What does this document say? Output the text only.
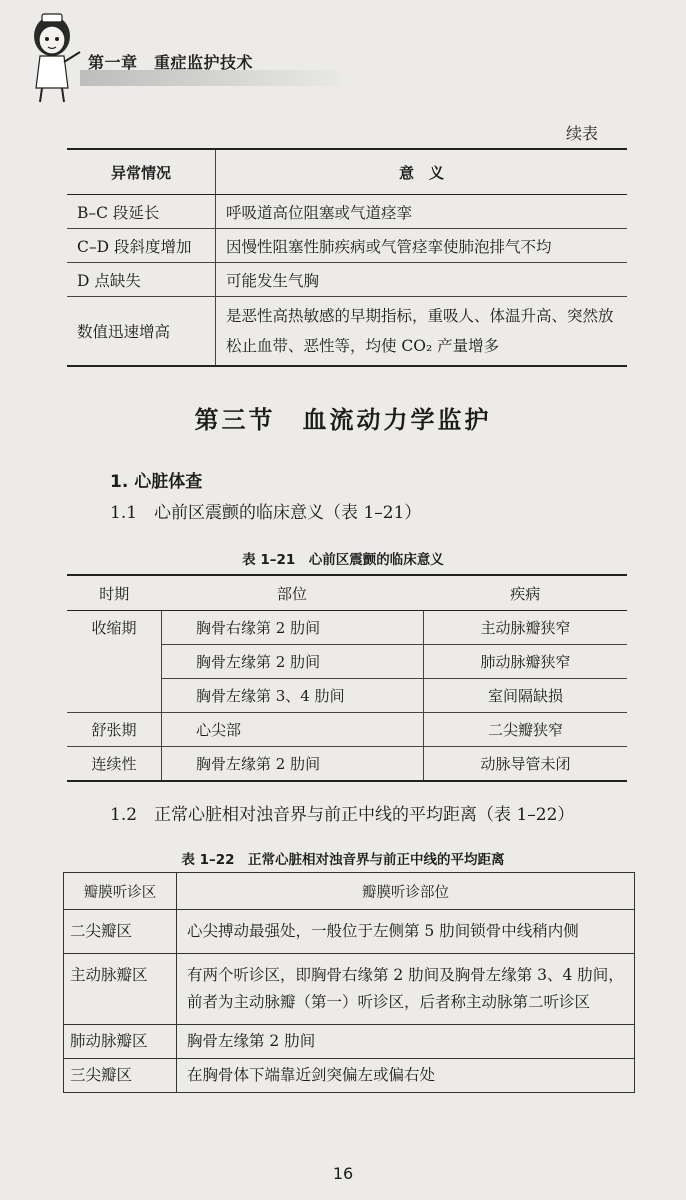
第一章　重症监护技术
续表
异常情况	意　义
B–C 段延长	呼吸道高位阻塞或气道痉挛
C–D 段斜度增加	因慢性阻塞性肺疾病或气管痉挛使肺泡排气不均
D 点缺失	可能发生气胸
数值迅速增高	是恶性高热敏感的早期指标，重吸人、体温升高、突然放松止血带、恶性等，均使 CO₂ 产量增多
第三节　血流动力学监护
1. 心脏体查
1.1　心前区震颤的临床意义（表 1–21）
表 1–21　心前区震颤的临床意义
时期	部位	疾病
收缩期	胸骨右缘第 2 肋间	主动脉瓣狭窄
	胸骨左缘第 2 肋间	肺动脉瓣狭窄
	胸骨左缘第 3、4 肋间	室间隔缺损
舒张期	心尖部	二尖瓣狭窄
连续性	胸骨左缘第 2 肋间	动脉导管未闭
1.2　正常心脏相对浊音界与前正中线的平均距离（表 1–22）
表 1–22　正常心脏相对浊音界与前正中线的平均距离
瓣膜听诊区	瓣膜听诊部位
二尖瓣区	心尖搏动最强处，一般位于左侧第 5 肋间锁骨中线稍内侧
主动脉瓣区	有两个听诊区，即胸骨右缘第 2 肋间及胸骨左缘第 3、4 肋间，前者为主动脉瓣（第一）听诊区，后者称主动脉第二听诊区
肺动脉瓣区	胸骨左缘第 2 肋间
三尖瓣区	在胸骨体下端靠近剑突偏左或偏右处
16
